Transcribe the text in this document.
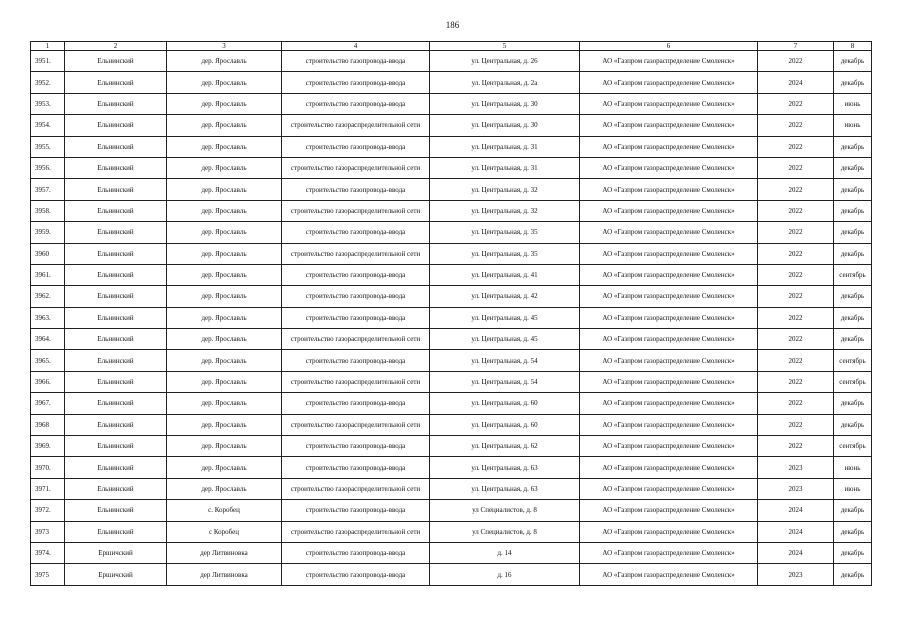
186
1	2	3	4	5	6	7	8
3951.	Ельнинский	дер. Ярославль	строительство газопровода-ввода	ул. Центральная, д. 26	АО «Газпром газораспределение Смоленск»	2022	декабрь
3952.	Ельнинский	дер. Ярославль	строительство газопровода-ввода	ул. Центральная, д. 2а	АО «Газпром газораспределение Смоленск»	2024	декабрь
3953.	Ельнинский	дер. Ярославль	строительство газопровода-ввода	ул. Центральная, д. 30	АО «Газпром газораспределение Смоленск»	2022	июнь
3954.	Ельнинский	дер. Ярославль	строительство газораспределительной сети	ул. Центральная, д. 30	АО «Газпром газораспределение Смоленск»	2022	июнь
3955.	Ельнинский	дер. Ярославль	строительство газопровода-ввода	ул. Центральная, д. 31	АО «Газпром газораспределение Смоленск»	2022	декабрь
3956.	Ельнинский	дер. Ярославль	строительство газораспределительной сети	ул. Центральная, д. 31	АО «Газпром газораспределение Смоленск»	2022	декабрь
3957.	Ельнинский	дер. Ярославль	строительство газопровода-ввода	ул. Центральная, д. 32	АО «Газпром газораспределение Смоленск»	2022	декабрь
3958.	Ельнинский	дер. Ярославль	строительство газораспределительной сети	ул. Центральная, д. 32	АО «Газпром газораспределение Смоленск»	2022	декабрь
3959.	Ельнинский	дер. Ярославль	строительство газопровода-ввода	ул. Центральная, д. 35	АО «Газпром газораспределение Смоленск»	2022	декабрь
3960	Ельнинский	дер. Ярославль	строительство газораспределительной сети	ул. Центральная, д. 35	АО «Газпром газораспределение Смоленск»	2022	декабрь
3961.	Ельнинский	дер. Ярославль	строительство газопровода-ввода	ул. Центральная, д. 41	АО «Газпром газораспределение Смоленск»	2022	сентябрь
3962.	Ельнинский	дер. Ярославль	строительство газопровода-ввода	ул. Центральная, д. 42	АО «Газпром газораспределение Смоленск»	2022	декабрь
3963.	Ельнинский	дер. Ярославль	строительство газопровода-ввода	ул. Центральная, д. 45	АО «Газпром газораспределение Смоленск»	2022	декабрь
3964.	Ельнинский	дер. Ярославль	строительство газораспределительной сети	ул. Центральная, д. 45	АО «Газпром газораспределение Смоленск»	2022	декабрь
3965.	Ельнинский	дер. Ярославль	строительство газопровода-ввода	ул. Центральная, д. 54	АО «Газпром газораспределение Смоленск»	2022	сентябрь
3966.	Ельнинский	дер. Ярославль	строительство газораспределительной сети	ул. Центральная, д. 54	АО «Газпром газораспределение Смоленск»	2022	сентябрь
3967.	Ельнинский	дер. Ярославль	строительство газопровода-ввода	ул. Центральная, д. 60	АО «Газпром газораспределение Смоленск»	2022	декабрь
3968	Ельнинский	дер. Ярославль	строительство газораспределительной сети	ул. Центральная, д. 60	АО «Газпром газораспределение Смоленск»	2022	декабрь
3969.	Ельнинский	дер. Ярославль	строительство газопровода-ввода	ул. Центральная, д. 62	АО «Газпром газораспределение Смоленск»	2022	сентябрь
3970.	Ельнинский	дер. Ярославль	строительство газопровода-ввода	ул. Центральная, д. 63	АО «Газпром газораспределение Смоленск»	2023	июнь
3971.	Ельнинский	дер. Ярославль	строительство газораспределительной сети	ул. Центральная, д. 63	АО «Газпром газораспределение Смоленск»	2023	июнь
3972.	Ельнинский	с. Коробец	строительство газопровода-ввода	ул Специалистов, д. 8	АО «Газпром газораспределение Смоленск»	2024	декабрь
3973	Ельнинский	с Коробец	строительство газораспределительной сети	ул Специалистов, д. 8	АО «Газпром газораспределение Смоленск»	2024	декабрь
3974.	Ершичский	дер Литвиновка	строительство газопровода-ввода	д. 14	АО «Газпром газораспределение Смоленск»	2024	декабрь
3975	Ершичский	дер Литвиновка	строительство газопровода-ввода	д. 16	АО «Газпром газораспределение Смоленск»	2023	декабрь
